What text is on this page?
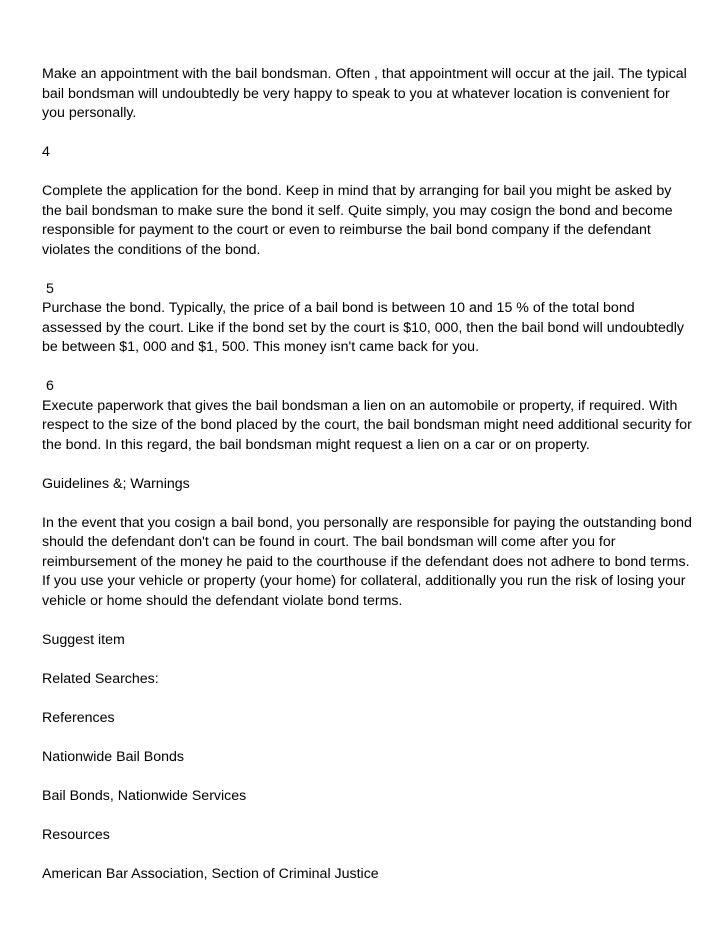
Make an appointment with the bail bondsman. Often , that appointment will occur at the jail. The typical bail bondsman will undoubtedly be very happy to speak to you at whatever location is convenient for you personally.

4

Complete the application for the bond. Keep in mind that by arranging for bail you might be asked by the bail bondsman to make sure the bond it self. Quite simply, you may cosign the bond and become responsible for payment to the court or even to reimburse the bail bond company if the defendant violates the conditions of the bond.

5

Purchase the bond. Typically, the price of a bail bond is between 10 and 15 % of the total bond assessed by the court. Like if the bond set by the court is $10, 000, then the bail bond will undoubtedly be between $1, 000 and $1, 500. This money isn't came back for you.

6

Execute paperwork that gives the bail bondsman a lien on an automobile or property, if required. With respect to the size of the bond placed by the court, the bail bondsman might need additional security for the bond. In this regard, the bail bondsman might request a lien on a car or on property.

Guidelines &; Warnings

In the event that you cosign a bail bond, you personally are responsible for paying the outstanding bond should the defendant don't can be found in court. The bail bondsman will come after you for reimbursement of the money he paid to the courthouse if the defendant does not adhere to bond terms. If you use your vehicle or property (your home) for collateral, additionally you run the risk of losing your vehicle or home should the defendant violate bond terms.

Suggest item

Related Searches:

References

Nationwide Bail Bonds

Bail Bonds, Nationwide Services

Resources

American Bar Association, Section of Criminal Justice
